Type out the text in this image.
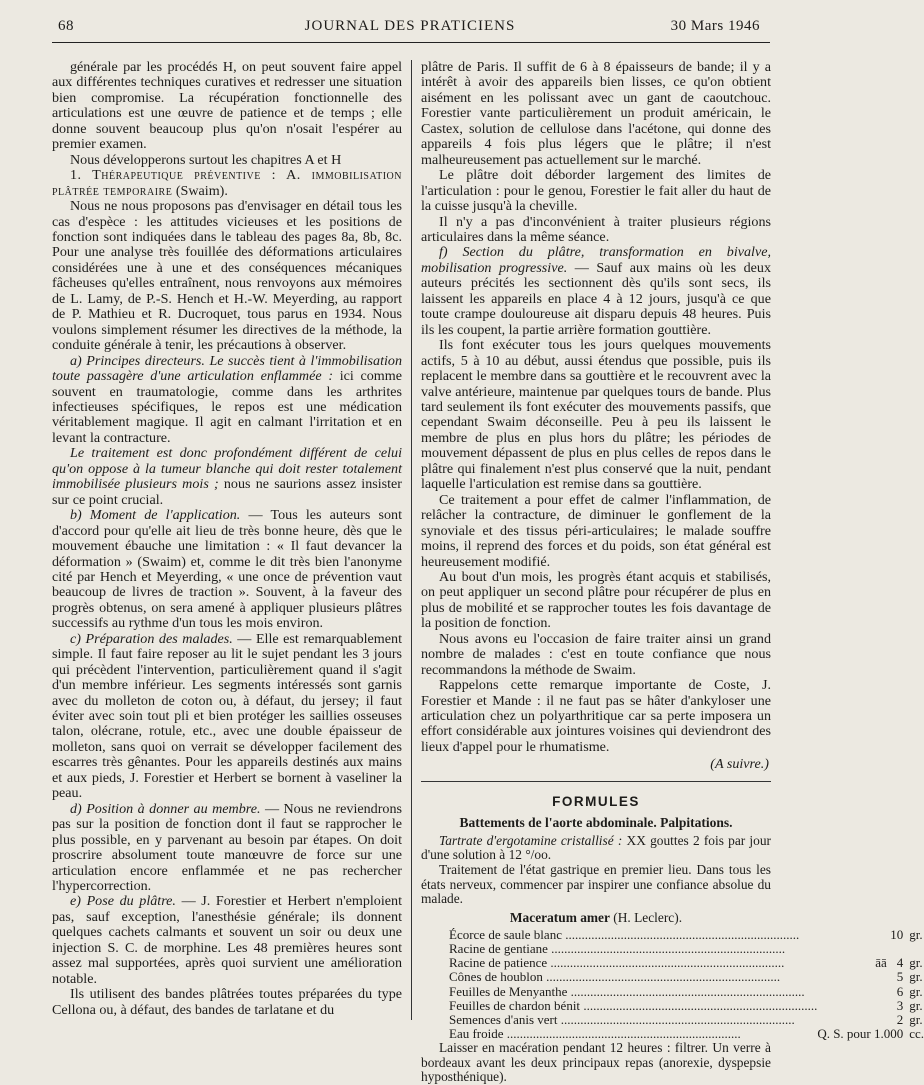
68	JOURNAL DES PRATICIENS	30 Mars 1946

générale par les procédés H, on peut souvent faire appel aux différentes techniques curatives et redresser une situation bien compromise. La récupération fonctionnelle des articulations est une œuvre de patience et de temps ; elle donne souvent beaucoup plus qu'on n'osait l'espérer au premier examen.

Nous développerons surtout les chapitres A et H

1. Thérapeutique préventive : A. immobilisation plâtrée temporaire (Swaim).

Nous ne nous proposons pas d'envisager en détail tous les cas d'espèce : les attitudes vicieuses et les positions de fonction sont indiquées dans le tableau des pages 8a, 8b, 8c. Pour une analyse très fouillée des déformations articulaires considérées une à une et des conséquences mécaniques fâcheuses qu'elles entraînent, nous renvoyons aux mémoires de L. Lamy, de P.-S. Hench et H.-W. Meyerding, au rapport de P. Mathieu et R. Ducroquet, tous parus en 1934. Nous voulons simplement résumer les directives de la méthode, la conduite générale à tenir, les précautions à observer.

a) Principes directeurs. Le succès tient à l'immobilisation toute passagère d'une articulation enflammée : ici comme souvent en traumatologie, comme dans les arthrites infectieuses spécifiques, le repos est une médication véritablement magique. Il agit en calmant l'irritation et en levant la contracture.

Le traitement est donc profondément différent de celui qu'on oppose à la tumeur blanche qui doit rester totalement immobilisée plusieurs mois ; nous ne saurions assez insister sur ce point crucial.

b) Moment de l'application. — Tous les auteurs sont d'accord pour qu'elle ait lieu de très bonne heure, dès que le mouvement ébauche une limitation : « Il faut devancer la déformation » (Swaim) et, comme le dit très bien l'anonyme cité par Hench et Meyerding, « une once de prévention vaut beaucoup de livres de traction ». Souvent, à la faveur des progrès obtenus, on sera amené à appliquer plusieurs plâtres successifs au rythme d'un tous les mois environ.

c) Préparation des malades. — Elle est remarquablement simple. Il faut faire reposer au lit le sujet pendant les 3 jours qui précèdent l'intervention, particulièrement quand il s'agit d'un membre inférieur. Les segments intéressés sont garnis avec du molleton de coton ou, à défaut, du jersey; il faut éviter avec soin tout pli et bien protéger les saillies osseuses talon, olécrane, rotule, etc., avec une double épaisseur de molleton, sans quoi on verrait se développer facilement des escarres très gênantes. Pour les appareils destinés aux mains et aux pieds, J. Forestier et Herbert se bornent à vaseliner la peau.

d) Position à donner au membre. — Nous ne reviendrons pas sur la position de fonction dont il faut se rapprocher le plus possible, en y parvenant au besoin par étapes. On doit proscrire absolument toute manœuvre de force sur une articulation encore enflammée et ne pas rechercher l'hypercorrection.

e) Pose du plâtre. — J. Forestier et Herbert n'emploient pas, sauf exception, l'anesthésie générale; ils donnent quelques cachets calmants et souvent un soir ou deux une injection S. C. de morphine. Les 48 premières heures sont assez mal supportées, après quoi survient une amélioration notable.

Ils utilisent des bandes plâtrées toutes préparées du type Cellona ou, à défaut, des bandes de tarlatane et du

plâtre de Paris. Il suffit de 6 à 8 épaisseurs de bande; il y a intérêt à avoir des appareils bien lisses, ce qu'on obtient aisément en les polissant avec un gant de caoutchouc. Forestier vante particulièrement un produit américain, le Castex, solution de cellulose dans l'acétone, qui donne des appareils 4 fois plus légers que le plâtre; il n'est malheureusement pas actuellement sur le marché.

Le plâtre doit déborder largement des limites de l'articulation : pour le genou, Forestier le fait aller du haut de la cuisse jusqu'à la cheville.

Il n'y a pas d'inconvénient à traiter plusieurs régions articulaires dans la même séance.

f) Section du plâtre, transformation en bivalve, mobilisation progressive. — Sauf aux mains où les deux auteurs précités les sectionnent dès qu'ils sont secs, ils laissent les appareils en place 4 à 12 jours, jusqu'à ce que toute crampe douloureuse ait disparu depuis 48 heures. Puis ils les coupent, la partie arrière formation gouttière.

Ils font exécuter tous les jours quelques mouvements actifs, 5 à 10 au début, aussi étendus que possible, puis ils replacent le membre dans sa gouttière et le recouvrent avec la valve antérieure, maintenue par quelques tours de bande. Plus tard seulement ils font exécuter des mouvements passifs, que cependant Swaim déconseille. Peu à peu ils laissent le membre de plus en plus hors du plâtre; les périodes de mouvement dépassent de plus en plus celles de repos dans le plâtre qui finalement n'est plus conservé que la nuit, pendant laquelle l'articulation est remise dans sa gouttière.

Ce traitement a pour effet de calmer l'inflammation, de relâcher la contracture, de diminuer le gonflement de la synoviale et des tissus péri-articulaires; le malade souffre moins, il reprend des forces et du poids, son état général est heureusement modifié.

Au bout d'un mois, les progrès étant acquis et stabilisés, on peut appliquer un second plâtre pour récupérer de plus en plus de mobilité et se rapprocher toutes les fois davantage de la position de fonction.

Nous avons eu l'occasion de faire traiter ainsi un grand nombre de malades : c'est en toute confiance que nous recommandons la méthode de Swaim.

Rappelons cette remarque importante de Coste, J. Forestier et Mande : il ne faut pas se hâter d'ankyloser une articulation chez un polyarthritique car sa perte imposera un effort considérable aux jointures voisines qui deviendront des lieux d'appel pour le rhumatisme.

(A suivre.)
FORMULES
Battements de l'aorte abdominale. Palpitations.

Tartrate d'ergotamine cristallisé : XX gouttes 2 fois par jour d'une solution à 12 °/oo.

Traitement de l'état gastrique en premier lieu. Dans tous les états nerveux, commencer par inspirer une confiance absolue du malade.

Maceratum amer (H. Leclerc).
Écorce de saule blanc .....	10	gr.
Racine de gentiane .....		
Racine de patience .....	āā 4	gr.
Cônes de houblon .....	5	gr.
Feuilles de Menyanthe .....	6	gr.
Feuilles de chardon bénit .....	3	gr.
Semences d'anis vert .....	2	gr.
Eau froide .....	Q. S. pour 1.000	cc.

Laisser en macération pendant 12 heures : filtrer. Un verre à bordeaux avant les deux principaux repas (anorexie, dyspepsie hyposthénique).
